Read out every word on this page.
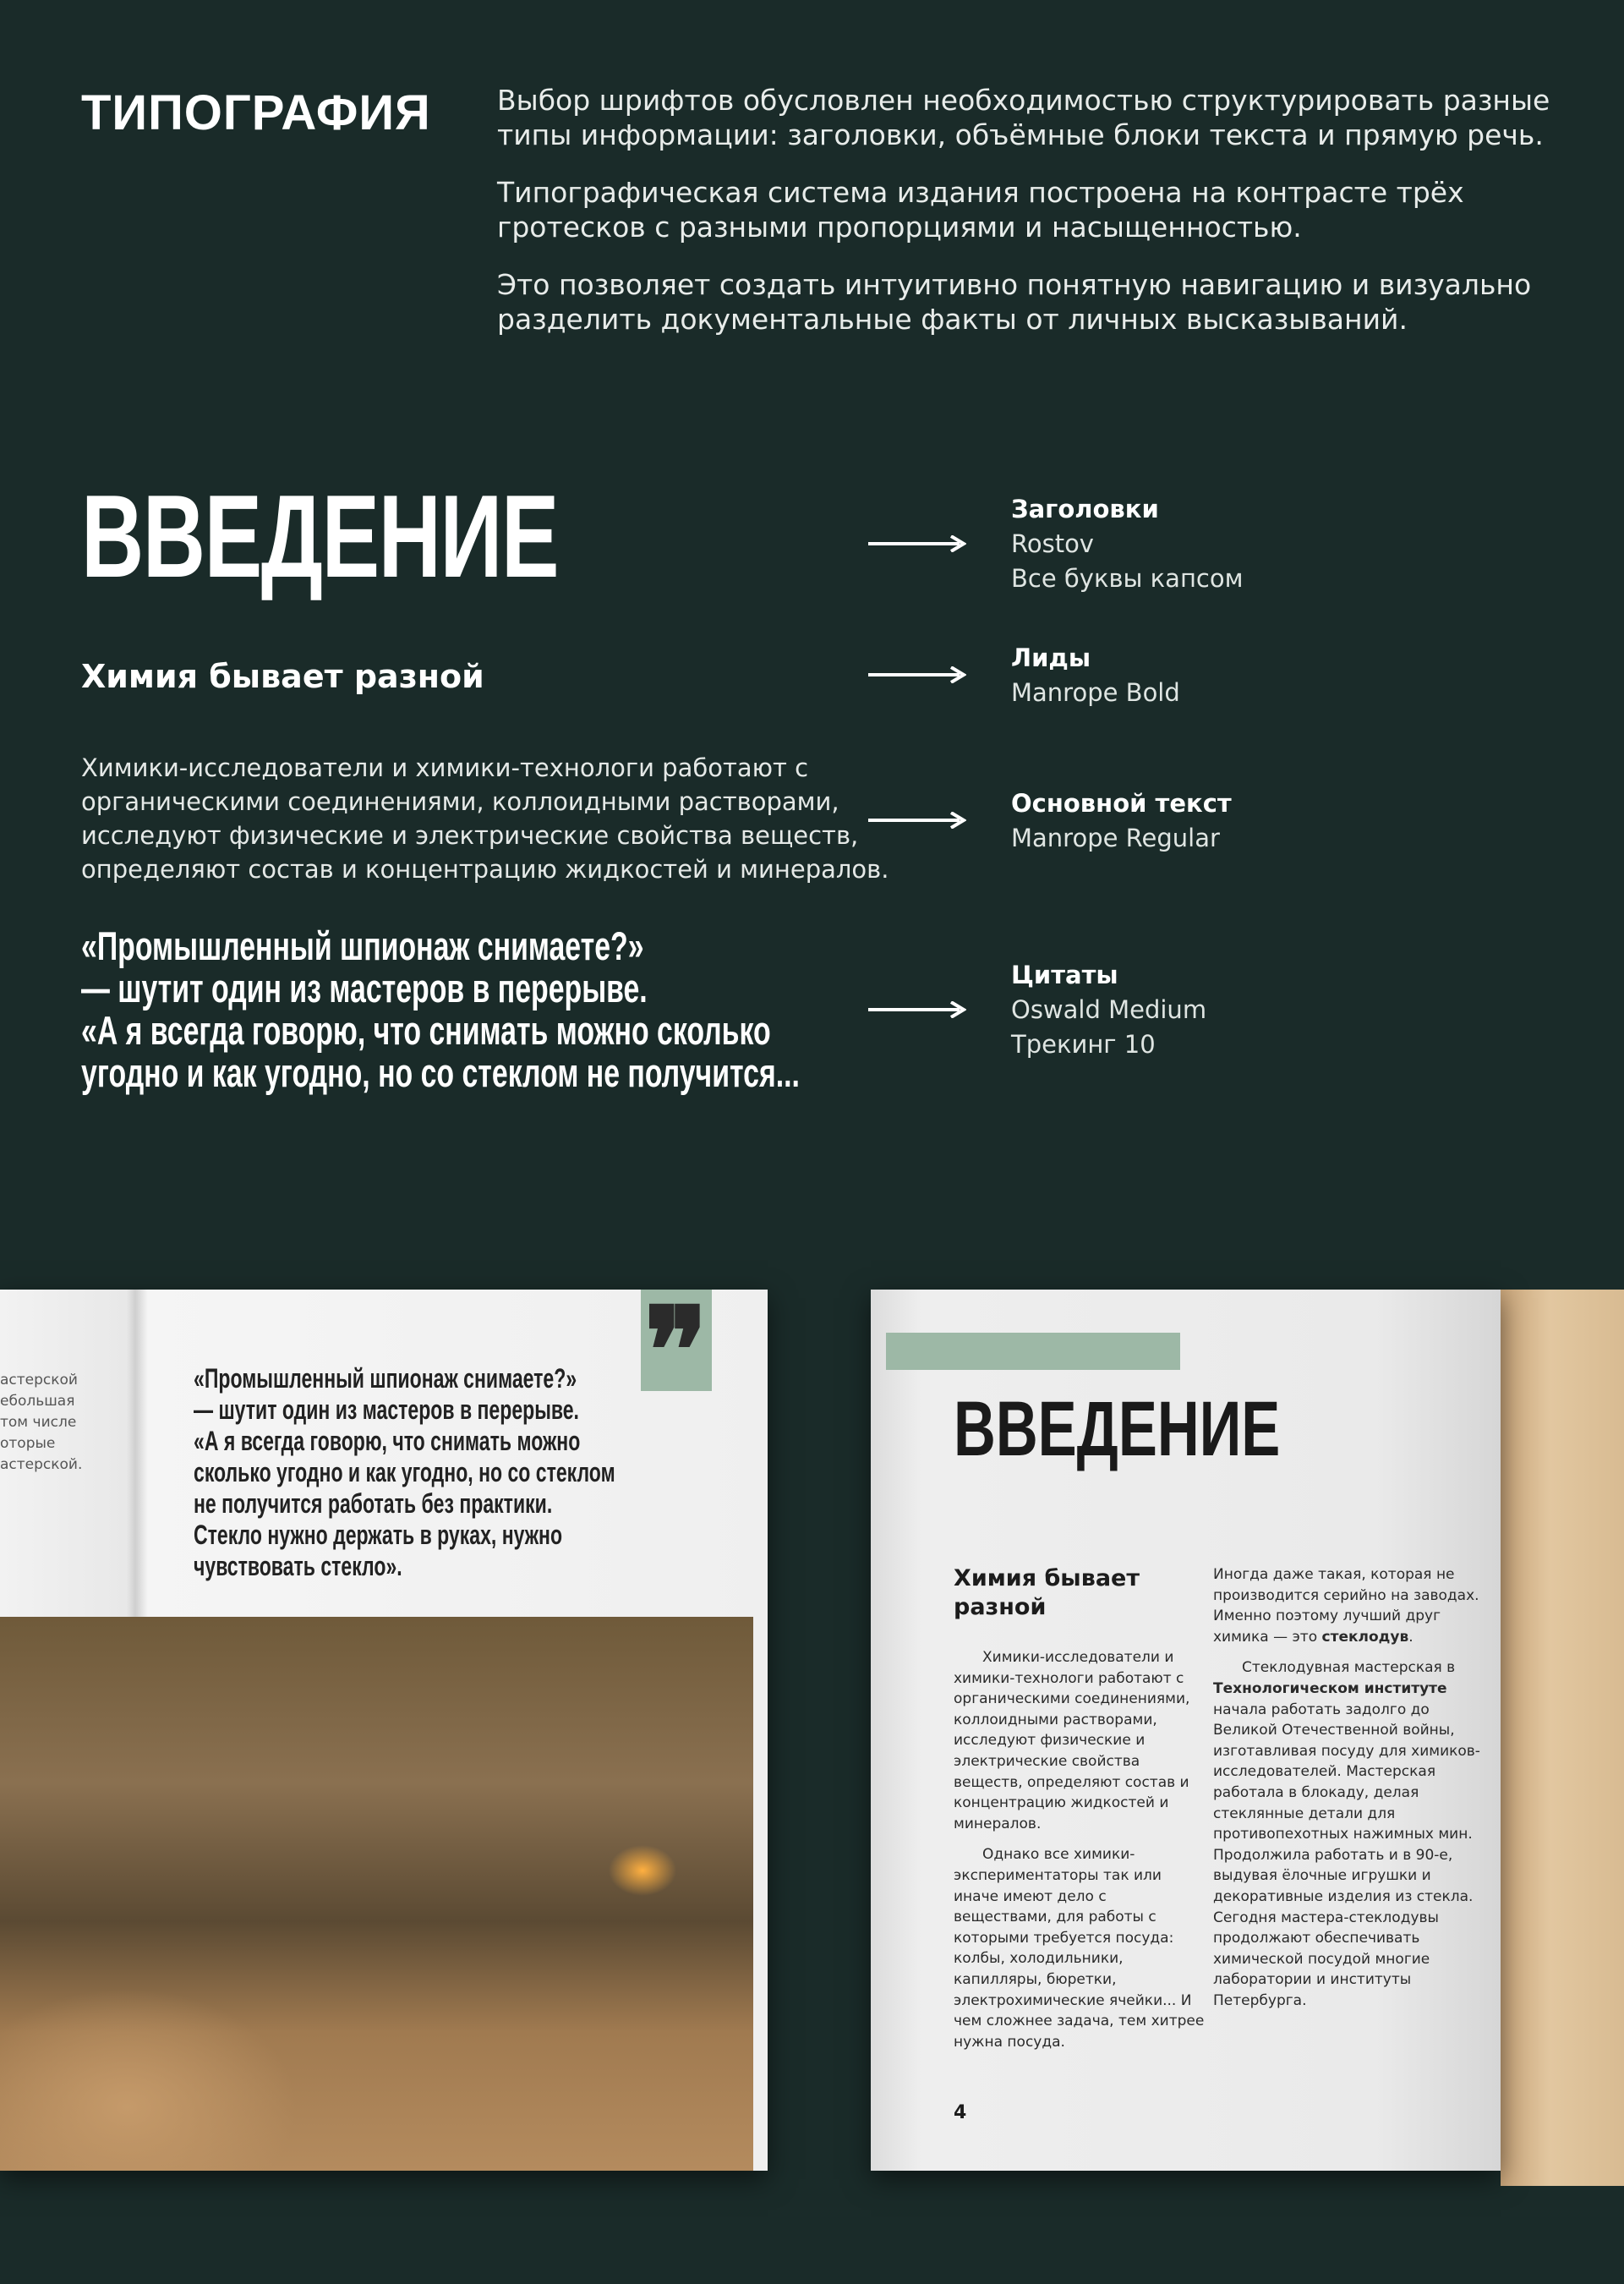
ТИПОГРАФИЯ Выбор шрифтов обусловлен необходимостью структурировать разные типы информации: заголовки, объёмные блоки текста и прямую речь.

Типографическая система издания построена на контрасте трёх гротесков с разными пропорциями и насыщенностью.

Это позволяет создать интуитивно понятную навигацию и визуально разделить документальные факты от личных высказываний.

ВВЕДЕНИЕ
Химия бывает разной
Химики-исследователи и химики-технологи работают с органическими соединениями, коллоидными растворами, исследуют физические и электрические свойства веществ, определяют состав и концентрацию жидкостей и минералов.
«Промышленный шпионаж снимаете?»
— шутит один из мастеров в перерыве.
«А я всегда говорю, что снимать можно сколько
угодно и как угодно, но со стеклом не получится...
Заголовки
Rostov
Все буквы капсом
Лиды
Manrope Bold
Основной текст
Manrope Regular
Цитаты
Oswald Medium
Трекинг 10
астерской
ебольшая
том числе
оторые
астерской.
❞
«Промышленный шпионаж снимаете?»
— шутит один из мастеров в перерыве.
«А я всегда говорю, что снимать можно
сколько угодно и как угодно, но со стеклом
не получится работать без практики.
Стекло нужно держать в руках, нужно
чувствовать стекло».
ВВЕДЕНИЕ
Химия бывает разной

Химики-исследователи и химики-технологи работают с органическими соединениями, коллоидными растворами, исследуют физические и электрические свойства веществ, определяют состав и концентрацию жидкостей и минералов.

Однако все химики-экспериментаторы так или иначе имеют дело с веществами, для работы с которыми требуется посуда: колбы, холодильники, капилляры, бюретки, электрохимические ячейки... И чем сложнее задача, тем хитрее нужна посуда.

Иногда даже такая, которая не производится серийно на заводах. Именно поэтому лучший друг химика — это стеклодув.

Стеклодувная мастерская в Технологическом институте начала работать задолго до Великой Отечественной войны, изготавливая посуду для химиков-исследователей. Мастерская работала в блокаду, делая стеклянные детали для противопехотных нажимных мин. Продолжила работать и в 90-е, выдувая ёлочные игрушки и декоративные изделия из стекла. Сегодня мастера-стеклодувы продолжают обеспечивать химической посудой многие лаборатории и институты Петербурга.

4
